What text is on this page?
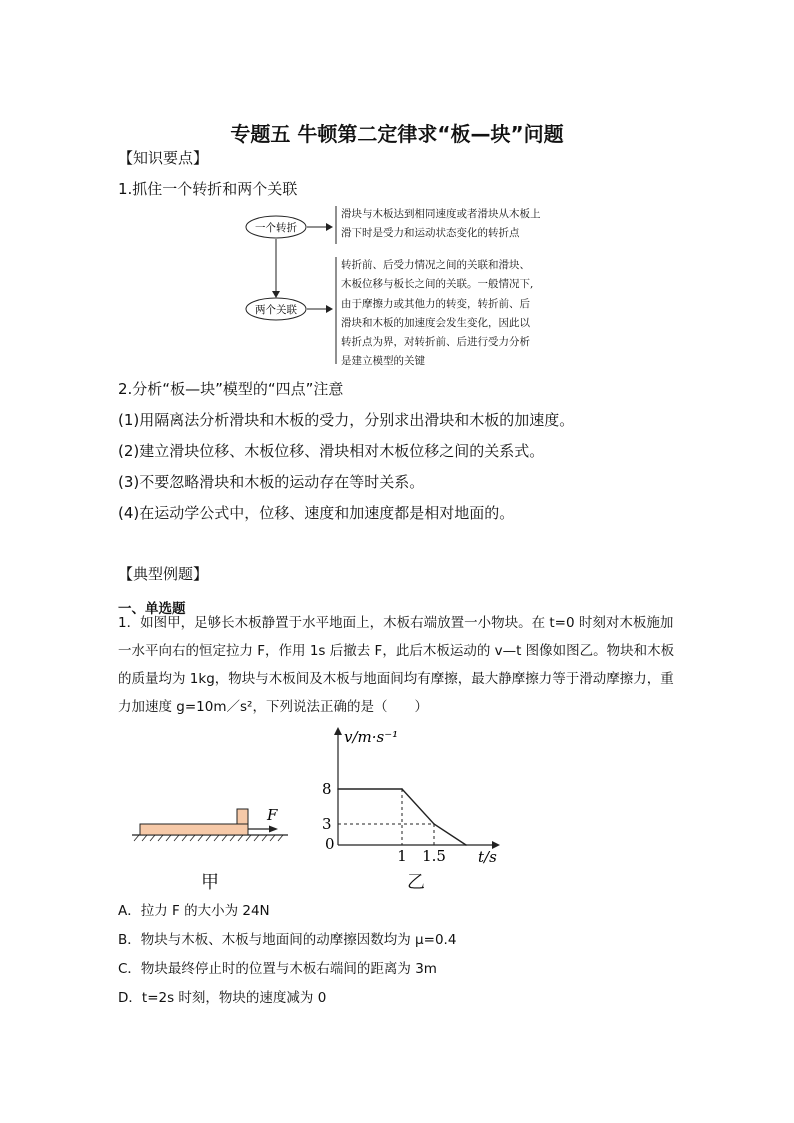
专题五 牛顿第二定律求“板—块”问题
【知识要点】
1.抓住一个转折和两个关联
一个转折
两个关联
滑块与木板达到相同速度或者滑块从木板上
滑下时是受力和运动状态变化的转折点
转折前、后受力情况之间的关联和滑块、
木板位移与板长之间的关联。一般情况下,
由于摩擦力或其他力的转变，转折前、后
滑块和木板的加速度会发生变化，因此以
转折点为界，对转折前、后进行受力分析
是建立模型的关键
2.分析“板—块”模型的“四点”注意
(1)用隔离法分析滑块和木板的受力，分别求出滑块和木板的加速度。
(2)建立滑块位移、木板位移、滑块相对木板位移之间的关系式。
(3)不要忽略滑块和木板的运动存在等时关系。
(4)在运动学公式中，位移、速度和加速度都是相对地面的。
【典型例题】
一、单选题
1．如图甲，足够长木板静置于水平地面上，木板右端放置一小物块。在 t=0 时刻对木板施加一水平向右的恒定拉力 F，作用 1s 后撤去 F，此后木板运动的 v—t 图像如图乙。物块和木板的质量均为 1kg，物块与木板间及木板与地面间均有摩擦，最大静摩擦力等于滑动摩擦力，重力加速度 g=10m／s²，下列说法正确的是（　　）
F
甲
v/m·s⁻¹
t/s
0
8
3
1 1.5
乙
A．拉力 F 的大小为 24N
B．物块与木板、木板与地面间的动摩擦因数均为 μ=0.4
C．物块最终停止时的位置与木板右端间的距离为 3m
D．t=2s 时刻，物块的速度减为 0
